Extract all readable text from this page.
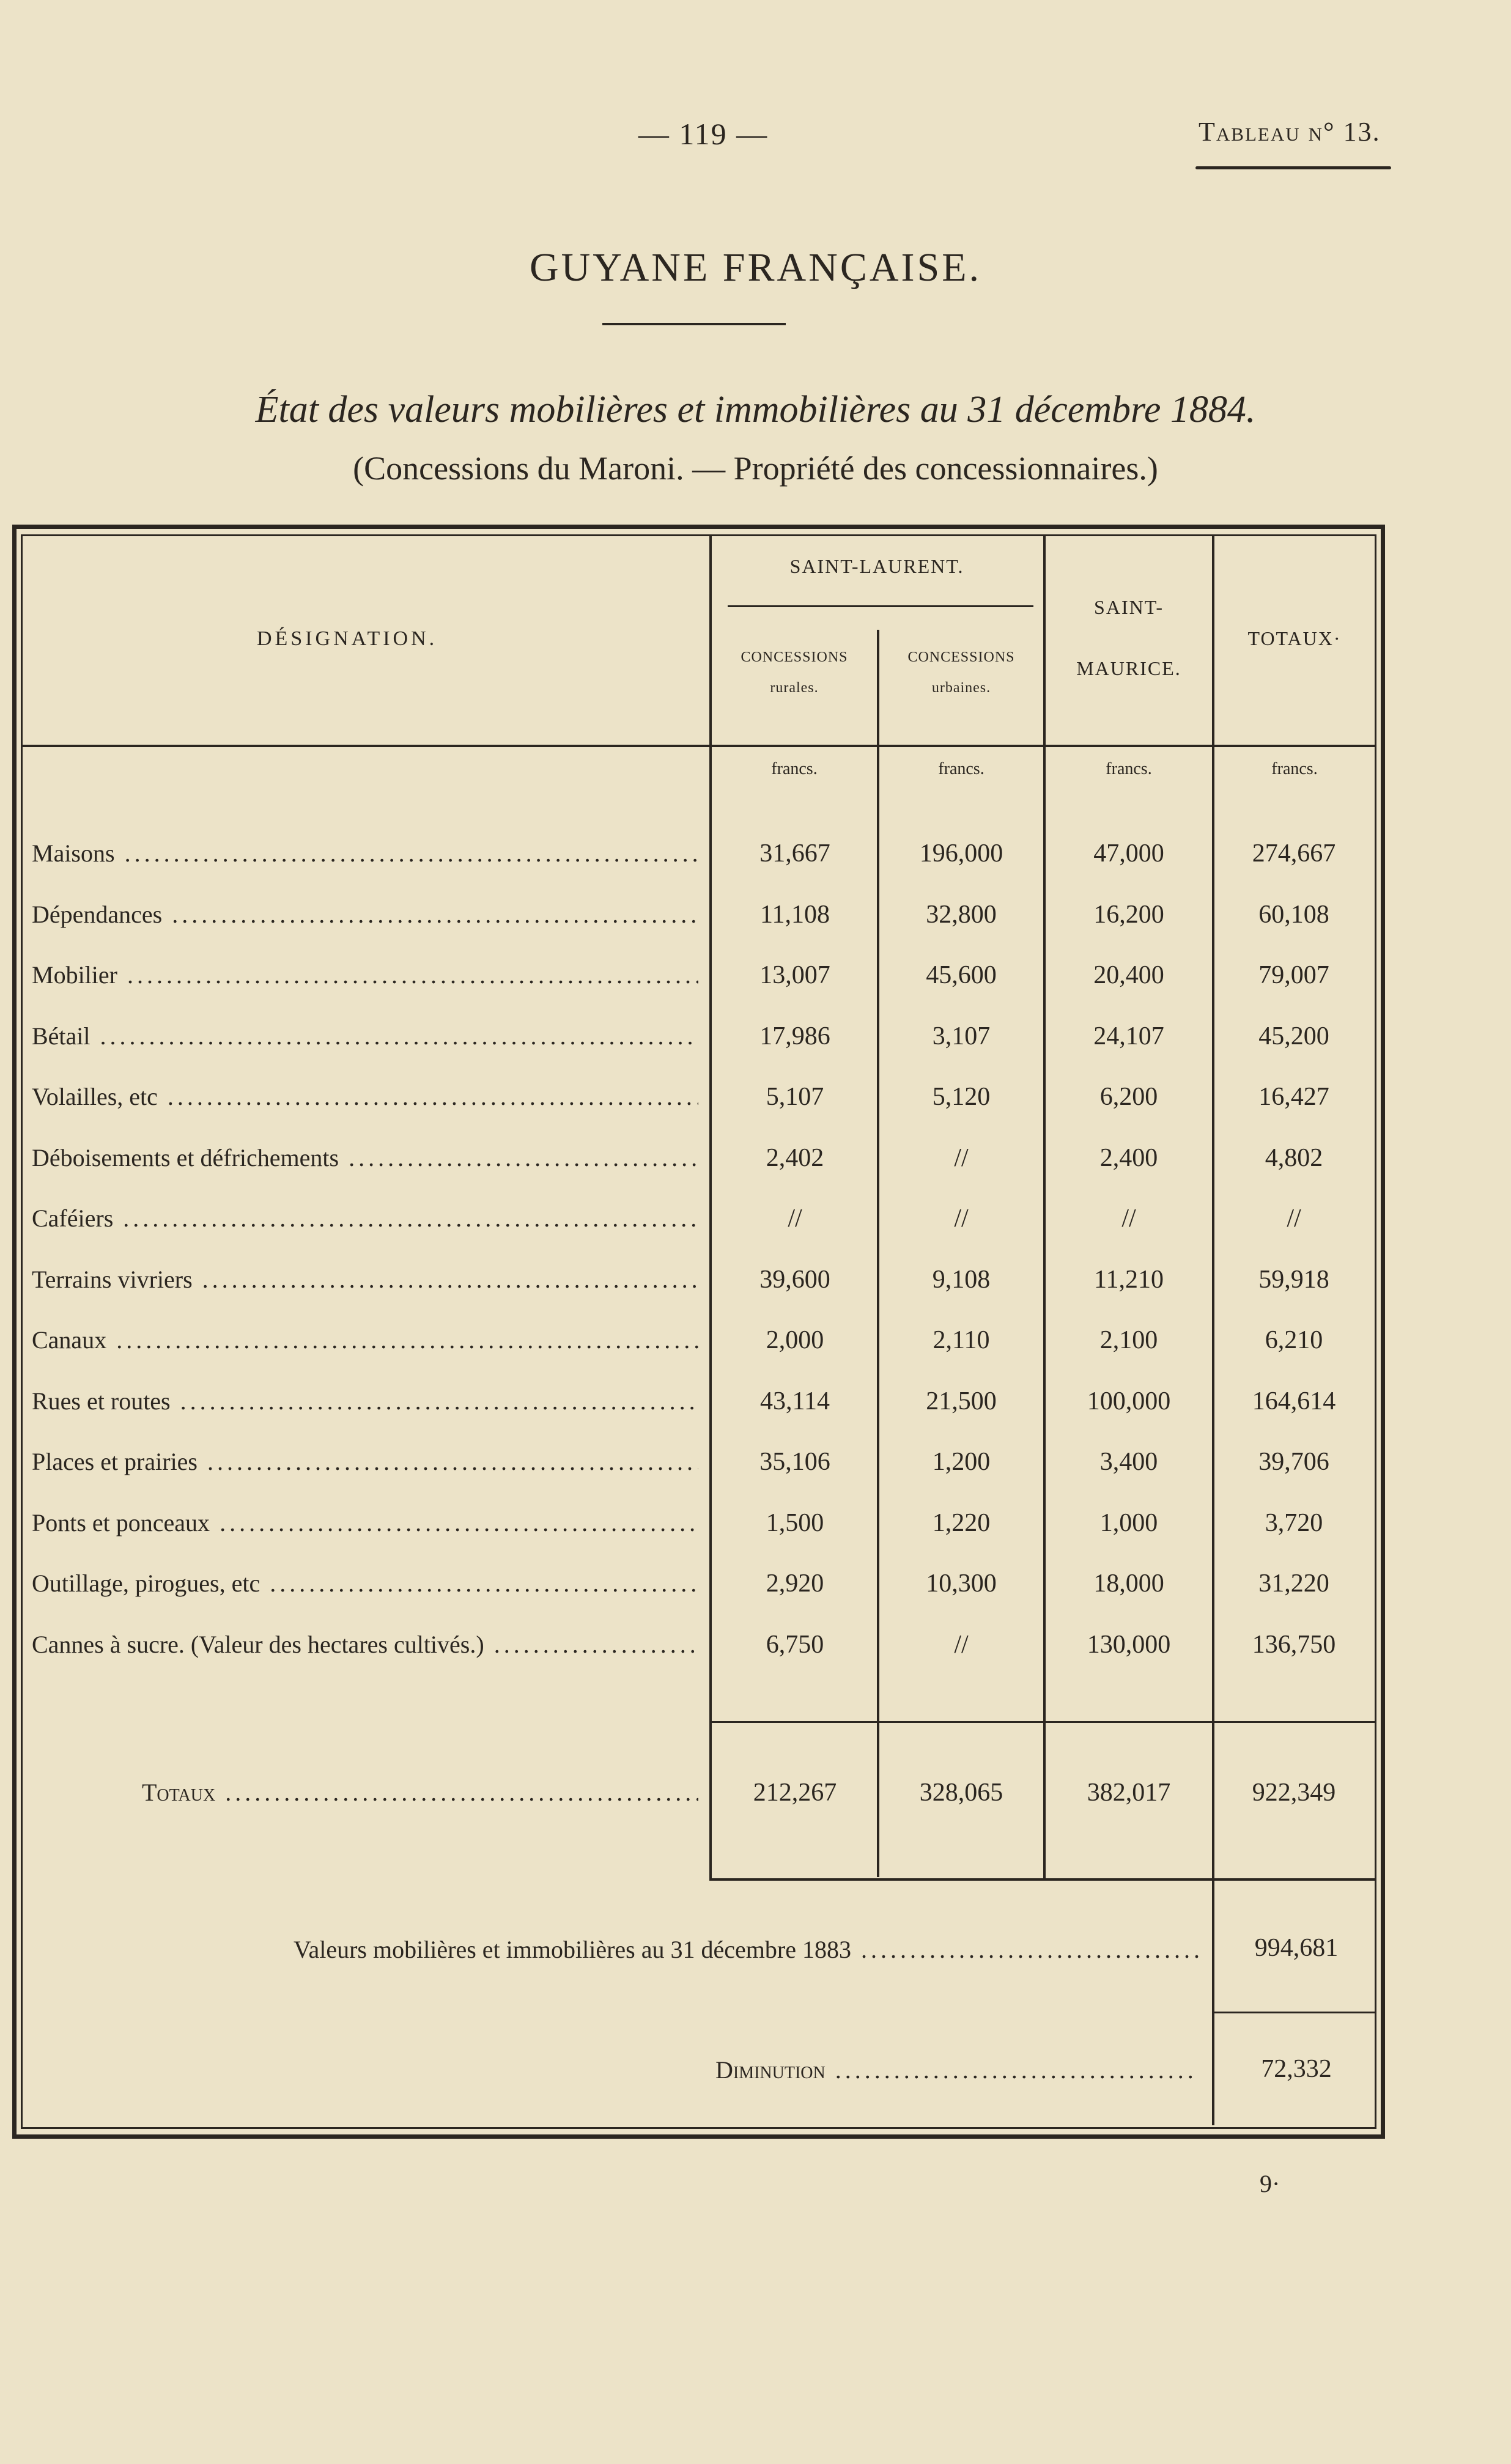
— 119 —	Tableau n° 13.
GUYANE FRANÇAISE.
État des valeurs mobilières et immobilières au 31 décembre 1884.
(Concessions du Maroni. — Propriété des concessionnaires.)
DÉSIGNATION.
SAINT-LAURENT.
CONCESSIONS
rurales.
CONCESSIONS
urbaines.
SAINT-
MAURICE.
TOTAUX·
francs.	francs.	francs.	francs.
Maisons .....	31,667	196,000	47,000	274,667
Dépendances .....	11,108	32,800	16,200	60,108
Mobilier .....	13,007	45,600	20,400	79,007
Bétail .....	17,986	3,107	24,107	45,200
Volailles, etc .....	5,107	5,120	6,200	16,427
Déboisements et défrichements .....	2,402	//	2,400	4,802
Caféiers .....	//	//	//	//
Terrains vivriers .....	39,600	9,108	11,210	59,918
Canaux .....	2,000	2,110	2,100	6,210
Rues et routes .....	43,114	21,500	100,000	164,614
Places et prairies .....	35,106	1,200	3,400	39,706
Ponts et ponceaux .....	1,500	1,220	1,000	3,720
Outillage, pirogues, etc .....	2,920	10,300	18,000	31,220
Cannes à sucre. (Valeur des hectares cultivés.) .....	6,750	//	130,000	136,750
Totaux .....	212,267	328,065	382,017	922,349
Valeurs mobilières et immobilières au 31 décembre 1883 .....	994,681
Diminution .....	72,332
9·
